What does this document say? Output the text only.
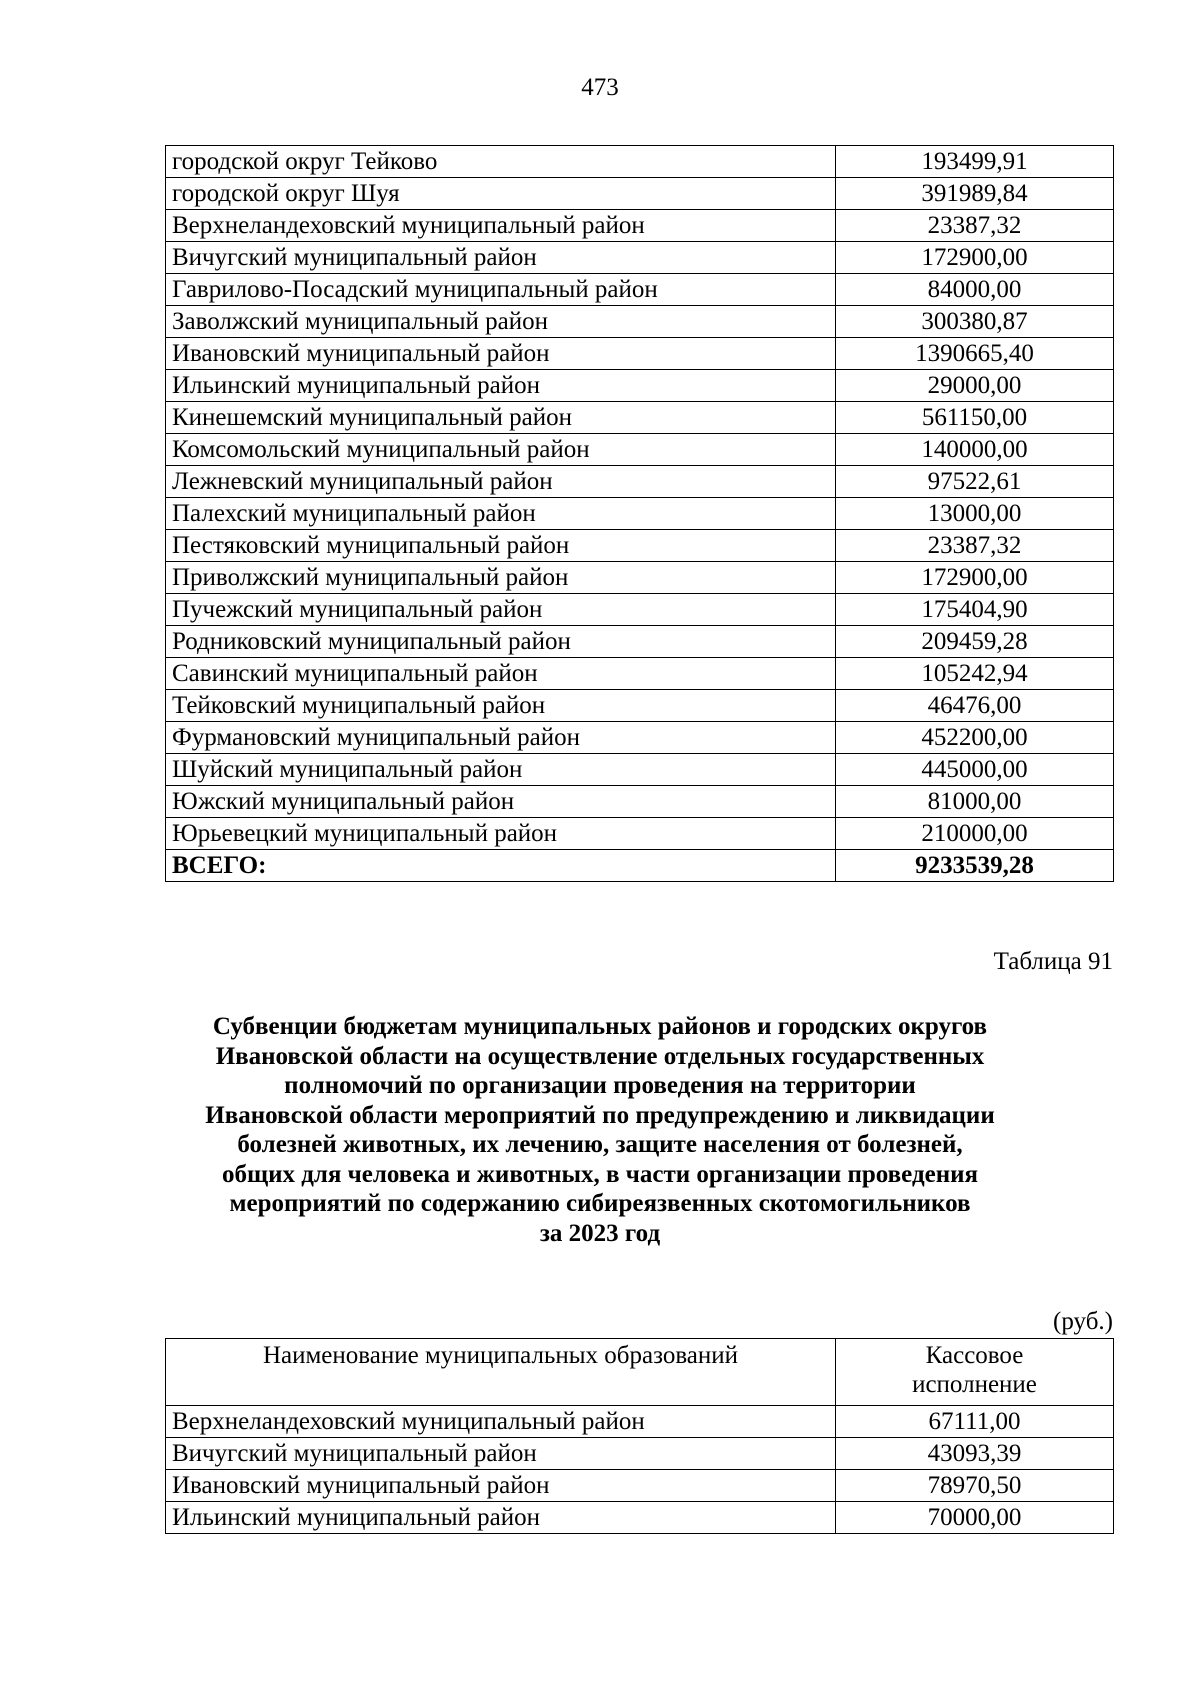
473
городской округ Тейково	193499,91
городской округ Шуя	391989,84
Верхнеландеховский муниципальный район	23387,32
Вичугский муниципальный район	172900,00
Гаврилово-Посадский муниципальный район	84000,00
Заволжский муниципальный район	300380,87
Ивановский муниципальный район	1390665,40
Ильинский муниципальный район	29000,00
Кинешемский муниципальный район	561150,00
Комсомольский муниципальный район	140000,00
Лежневский муниципальный район	97522,61
Палехский муниципальный район	13000,00
Пестяковский муниципальный район	23387,32
Приволжский муниципальный район	172900,00
Пучежский муниципальный район	175404,90
Родниковский муниципальный район	209459,28
Савинский муниципальный район	105242,94
Тейковский муниципальный район	46476,00
Фурмановский муниципальный район	452200,00
Шуйский муниципальный район	445000,00
Южский муниципальный район	81000,00
Юрьевецкий муниципальный район	210000,00
ВСЕГО:	9233539,28
Таблица 91
Субвенции бюджетам муниципальных районов и городских округов
Ивановской области на осуществление отдельных государственных
полномочий по организации проведения на территории
Ивановской области мероприятий по предупреждению и ликвидации
болезней животных, их лечению, защите населения от болезней,
общих для человека и животных, в части организации проведения
мероприятий по содержанию сибиреязвенных скотомогильников
за 2023 год
(руб.)
Наименование муниципальных образований	Кассовое
исполнение

Верхнеландеховский муниципальный район	67111,00
Вичугский муниципальный район	43093,39
Ивановский муниципальный район	78970,50
Ильинский муниципальный район	70000,00
